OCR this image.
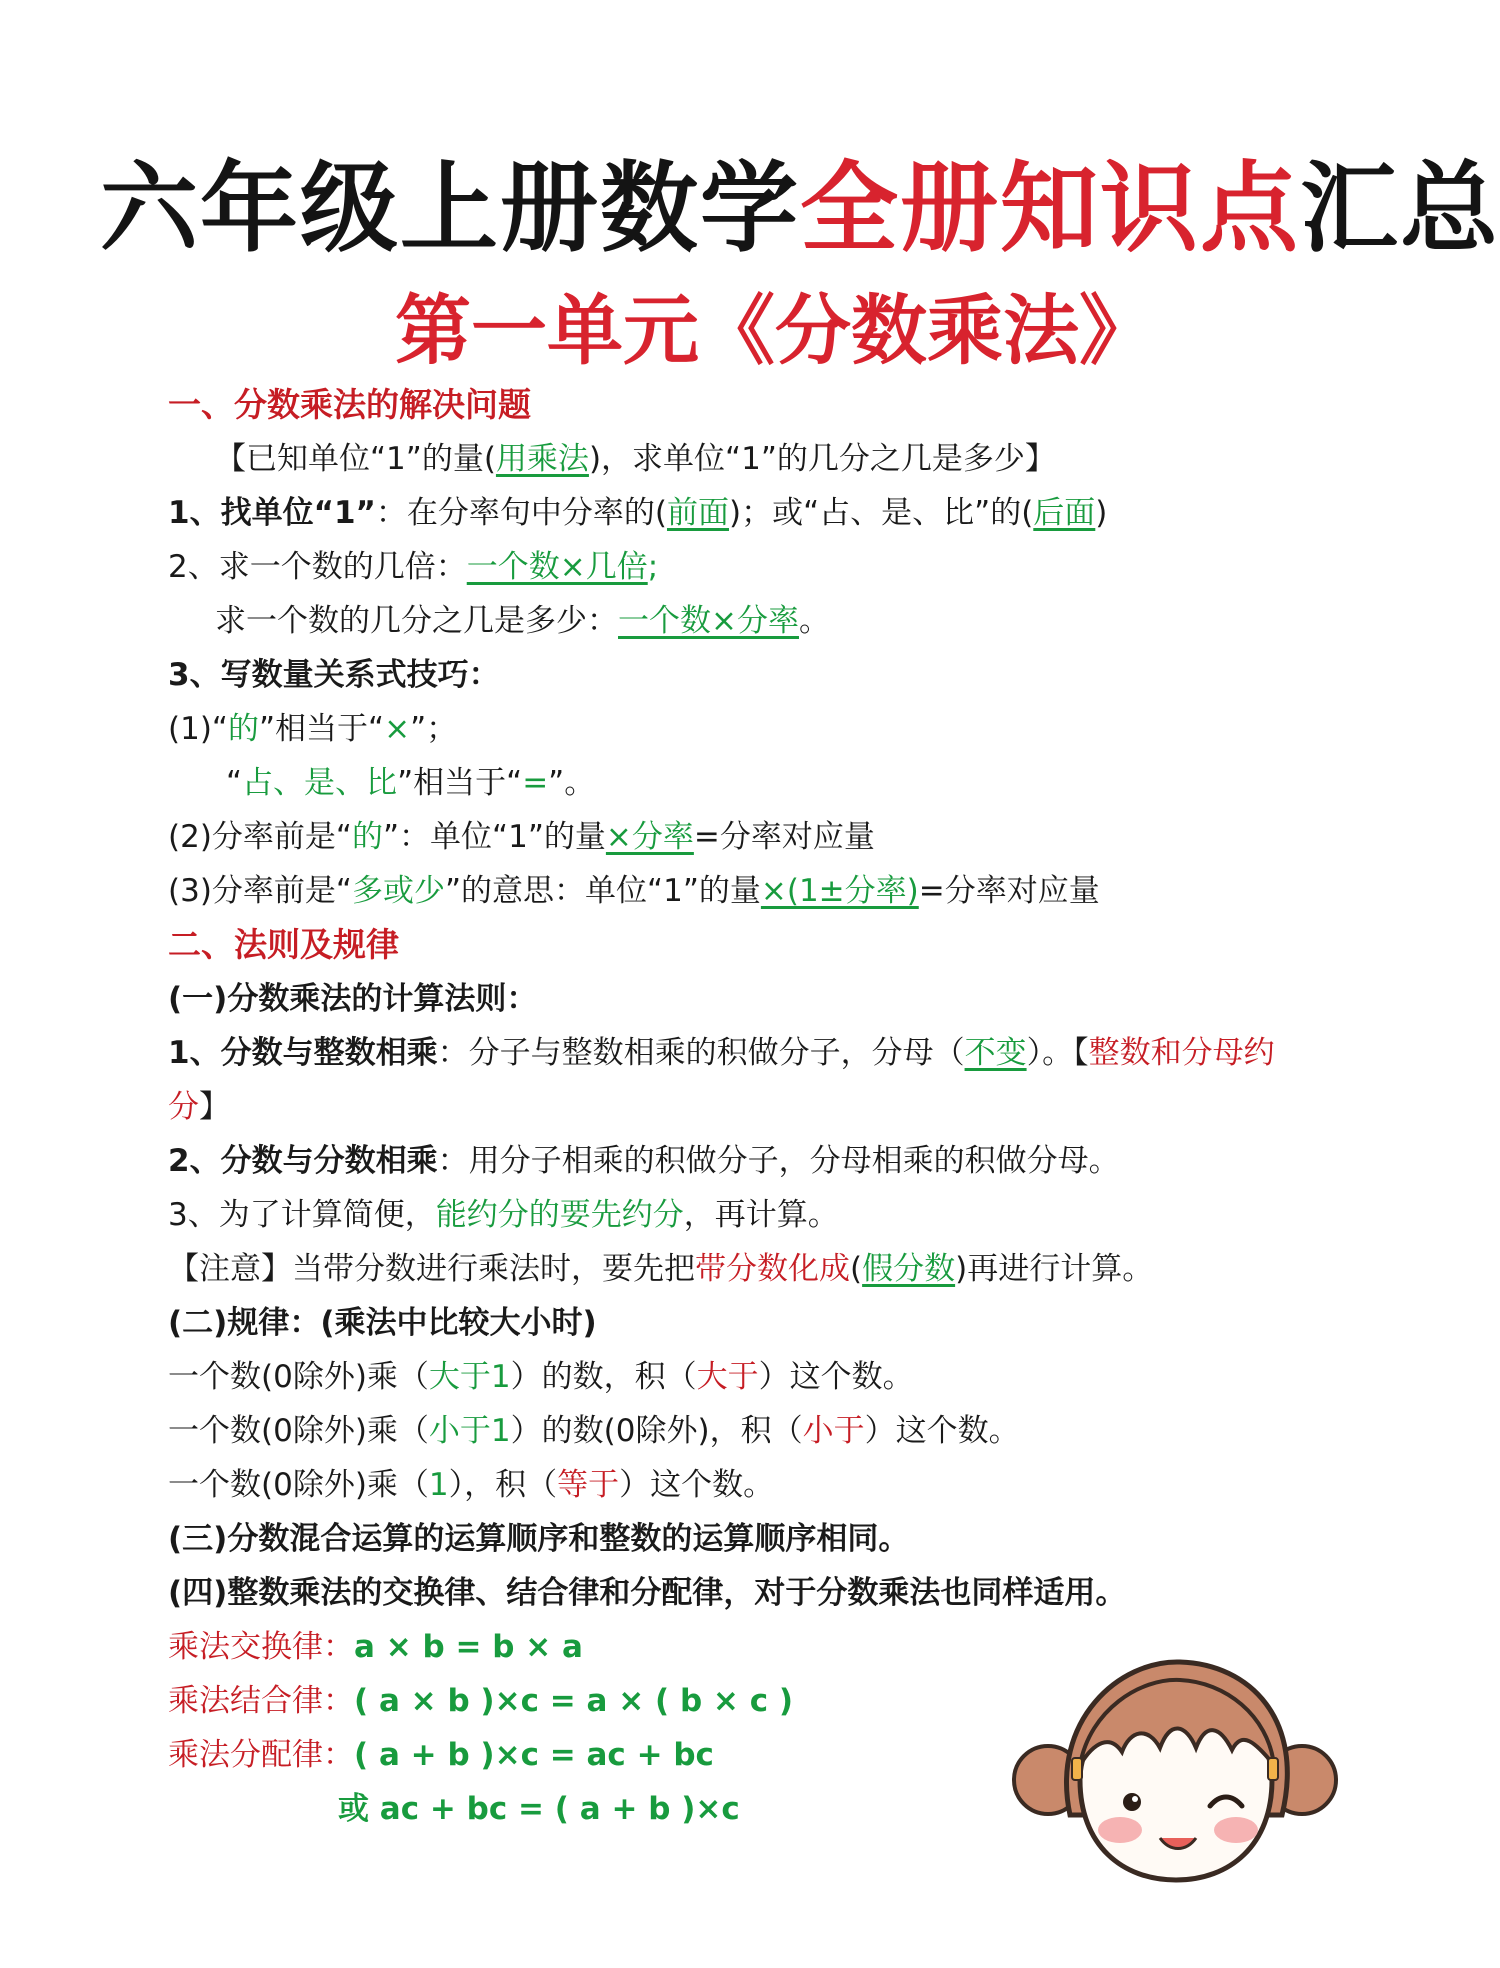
六年级上册数学全册知识点汇总
第一单元《分数乘法》
一、分数乘法的解决问题
【已知单位“1”的量(用乘法)，求单位“1”的几分之几是多少】
1、找单位“1”：在分率句中分率的(前面)；或“占、是、比”的(后面)
2、求一个数的几倍：一个数×几倍;
求一个数的几分之几是多少：一个数×分率。
3、写数量关系式技巧：
(1)“的”相当于“×”；
“占、是、比”相当于“=”。
(2)分率前是“的”：单位“1”的量×分率=分率对应量
(3)分率前是“多或少”的意思：单位“1”的量×(1±分率)=分率对应量
二、法则及规律
(一)分数乘法的计算法则：
1、分数与整数相乘：分子与整数相乘的积做分子，分母（不变）。【整数和分母约分】
2、分数与分数相乘：用分子相乘的积做分子，分母相乘的积做分母。
3、为了计算简便，能约分的要先约分，再计算。
【注意】当带分数进行乘法时，要先把带分数化成(假分数)再进行计算。
(二)规律：(乘法中比较大小时)
一个数(0除外)乘（大于1）的数，积（大于）这个数。
一个数(0除外)乘（小于1）的数(0除外)，积（小于）这个数。
一个数(0除外)乘（1），积（等于）这个数。
(三)分数混合运算的运算顺序和整数的运算顺序相同。
(四)整数乘法的交换律、结合律和分配律，对于分数乘法也同样适用。
乘法交换律：a × b = b × a
乘法结合律：( a × b )×c = a × ( b × c )
乘法分配律：( a + b )×c = ac + bc
或 ac + bc = ( a + b )×c
